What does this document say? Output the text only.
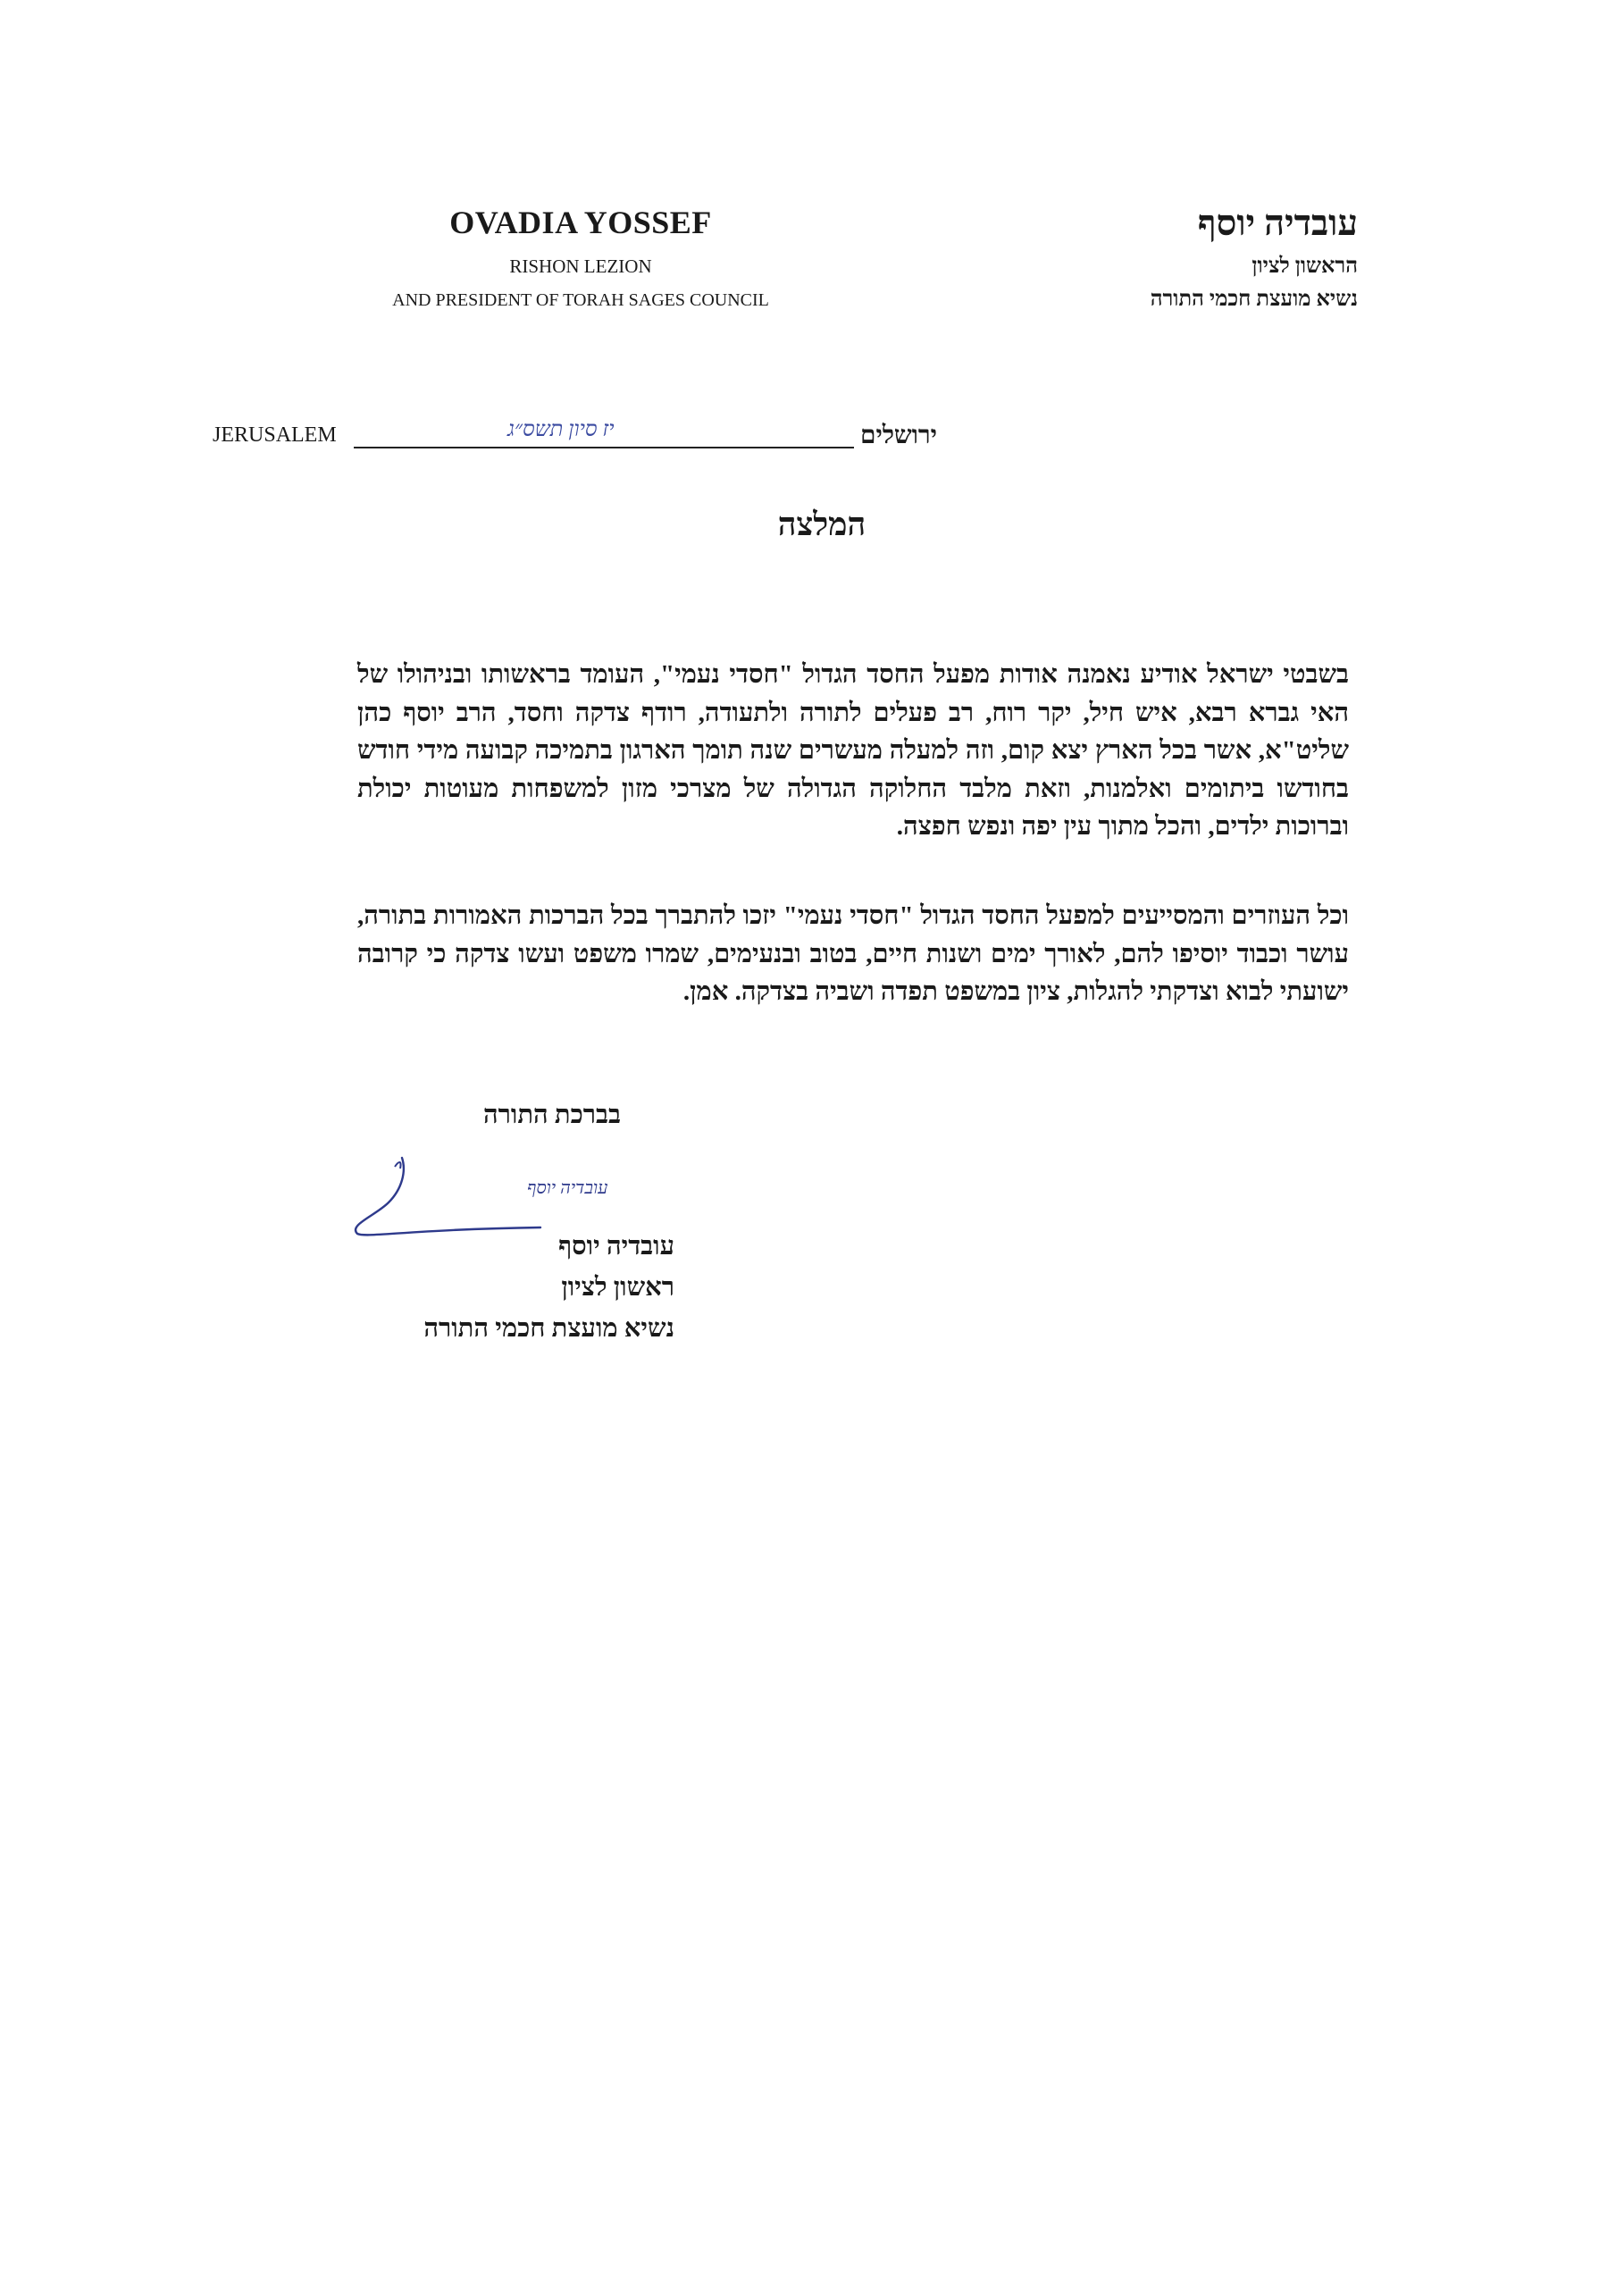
OVADIA YOSSEF
RISHON LEZION
AND PRESIDENT OF TORAH SAGES COUNCIL
עובדיה יוסף
הראשון לציון
נשיא מועצת חכמי התורה
JERUSALEM	יז סיון תשס״ג	ירושלים
המלצה
בשבטי ישראל אודיע נאמנה אודות מפעל החסד הגדול "חסדי נעמי", העומד בראשותו ובניהולו של האי גברא רבא, איש חיל, יקר רוח, רב פעלים לתורה ולתעודה, רודף צדקה וחסד, הרב יוסף כהן שליט"א, אשר בכל הארץ יצא קום, וזה למעלה מעשרים שנה תומך הארגון בתמיכה קבועה מידי חודש בחודשו ביתומים ואלמנות, וזאת מלבד החלוקה הגדולה של מצרכי מזון למשפחות מעוטות יכולת וברוכות ילדים, והכל מתוך עין יפה ונפש חפצה.
וכל העוזרים והמסייעים למפעל החסד הגדול "חסדי נעמי" יזכו להתברך בכל הברכות האמורות בתורה, עושר וכבוד יוסיפו להם, לאורך ימים ושנות חיים, בטוב ובנעימים, שמרו משפט ועשו צדקה כי קרובה ישועתי לבוא וצדקתי להגלות, ציון במשפט תפדה ושביה בצדקה. אמן.
בברכת התורה
עובדיה יוסף
עובדיה יוסף
ראשון לציון
נשיא מועצת חכמי התורה
